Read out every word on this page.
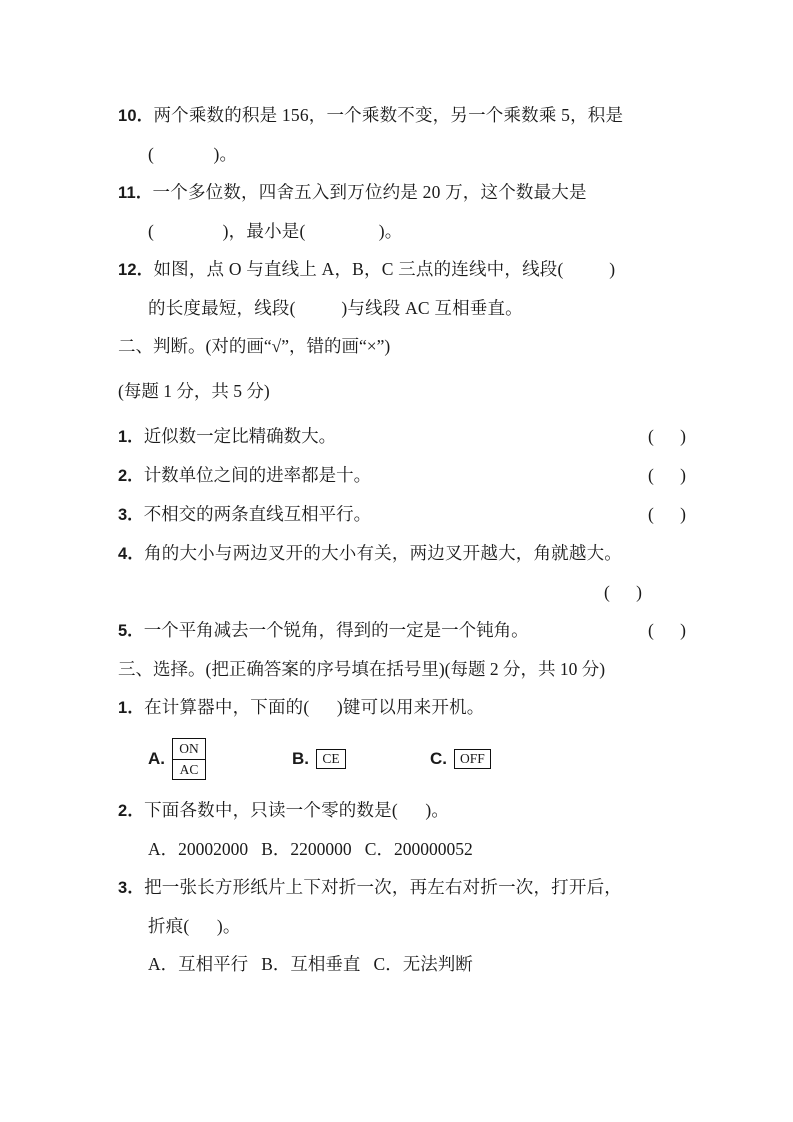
10．两个乘数的积是 156，一个乘数不变，另一个乘数乘 5，积是
(             )。
11．一个多位数，四舍五入到万位约是 20 万，这个数最大是
(               )，最小是(                )。
12．如图，点 O 与直线上 A，B，C 三点的连线中，线段(          )
的长度最短，线段(          )与线段 AC 互相垂直。
二、判断。(对的画“√”，错的画“×”)
(每题 1 分，共 5 分)
1．近似数一定比精确数大。	(      )
2．计数单位之间的进率都是十。	(      )
3．不相交的两条直线互相平行。	(      )
4．角的大小与两边叉开的大小有关，两边叉开越大，角就越大。
(      )
5．一个平角减去一个锐角，得到的一定是一个钝角。	(      )
三、选择。(把正确答案的序号填在括号里)(每题 2 分，共 10 分)
1．在计算器中，下面的(      )键可以用来开机。
A.
ON
AC
B. CE	C. OFF
2．下面各数中，只读一个零的数是(      )。
A．20002000   B．2200000   C．200000052
3．把一张长方形纸片上下对折一次，再左右对折一次，打开后，
折痕(      )。
A．互相平行   B．互相垂直   C．无法判断
